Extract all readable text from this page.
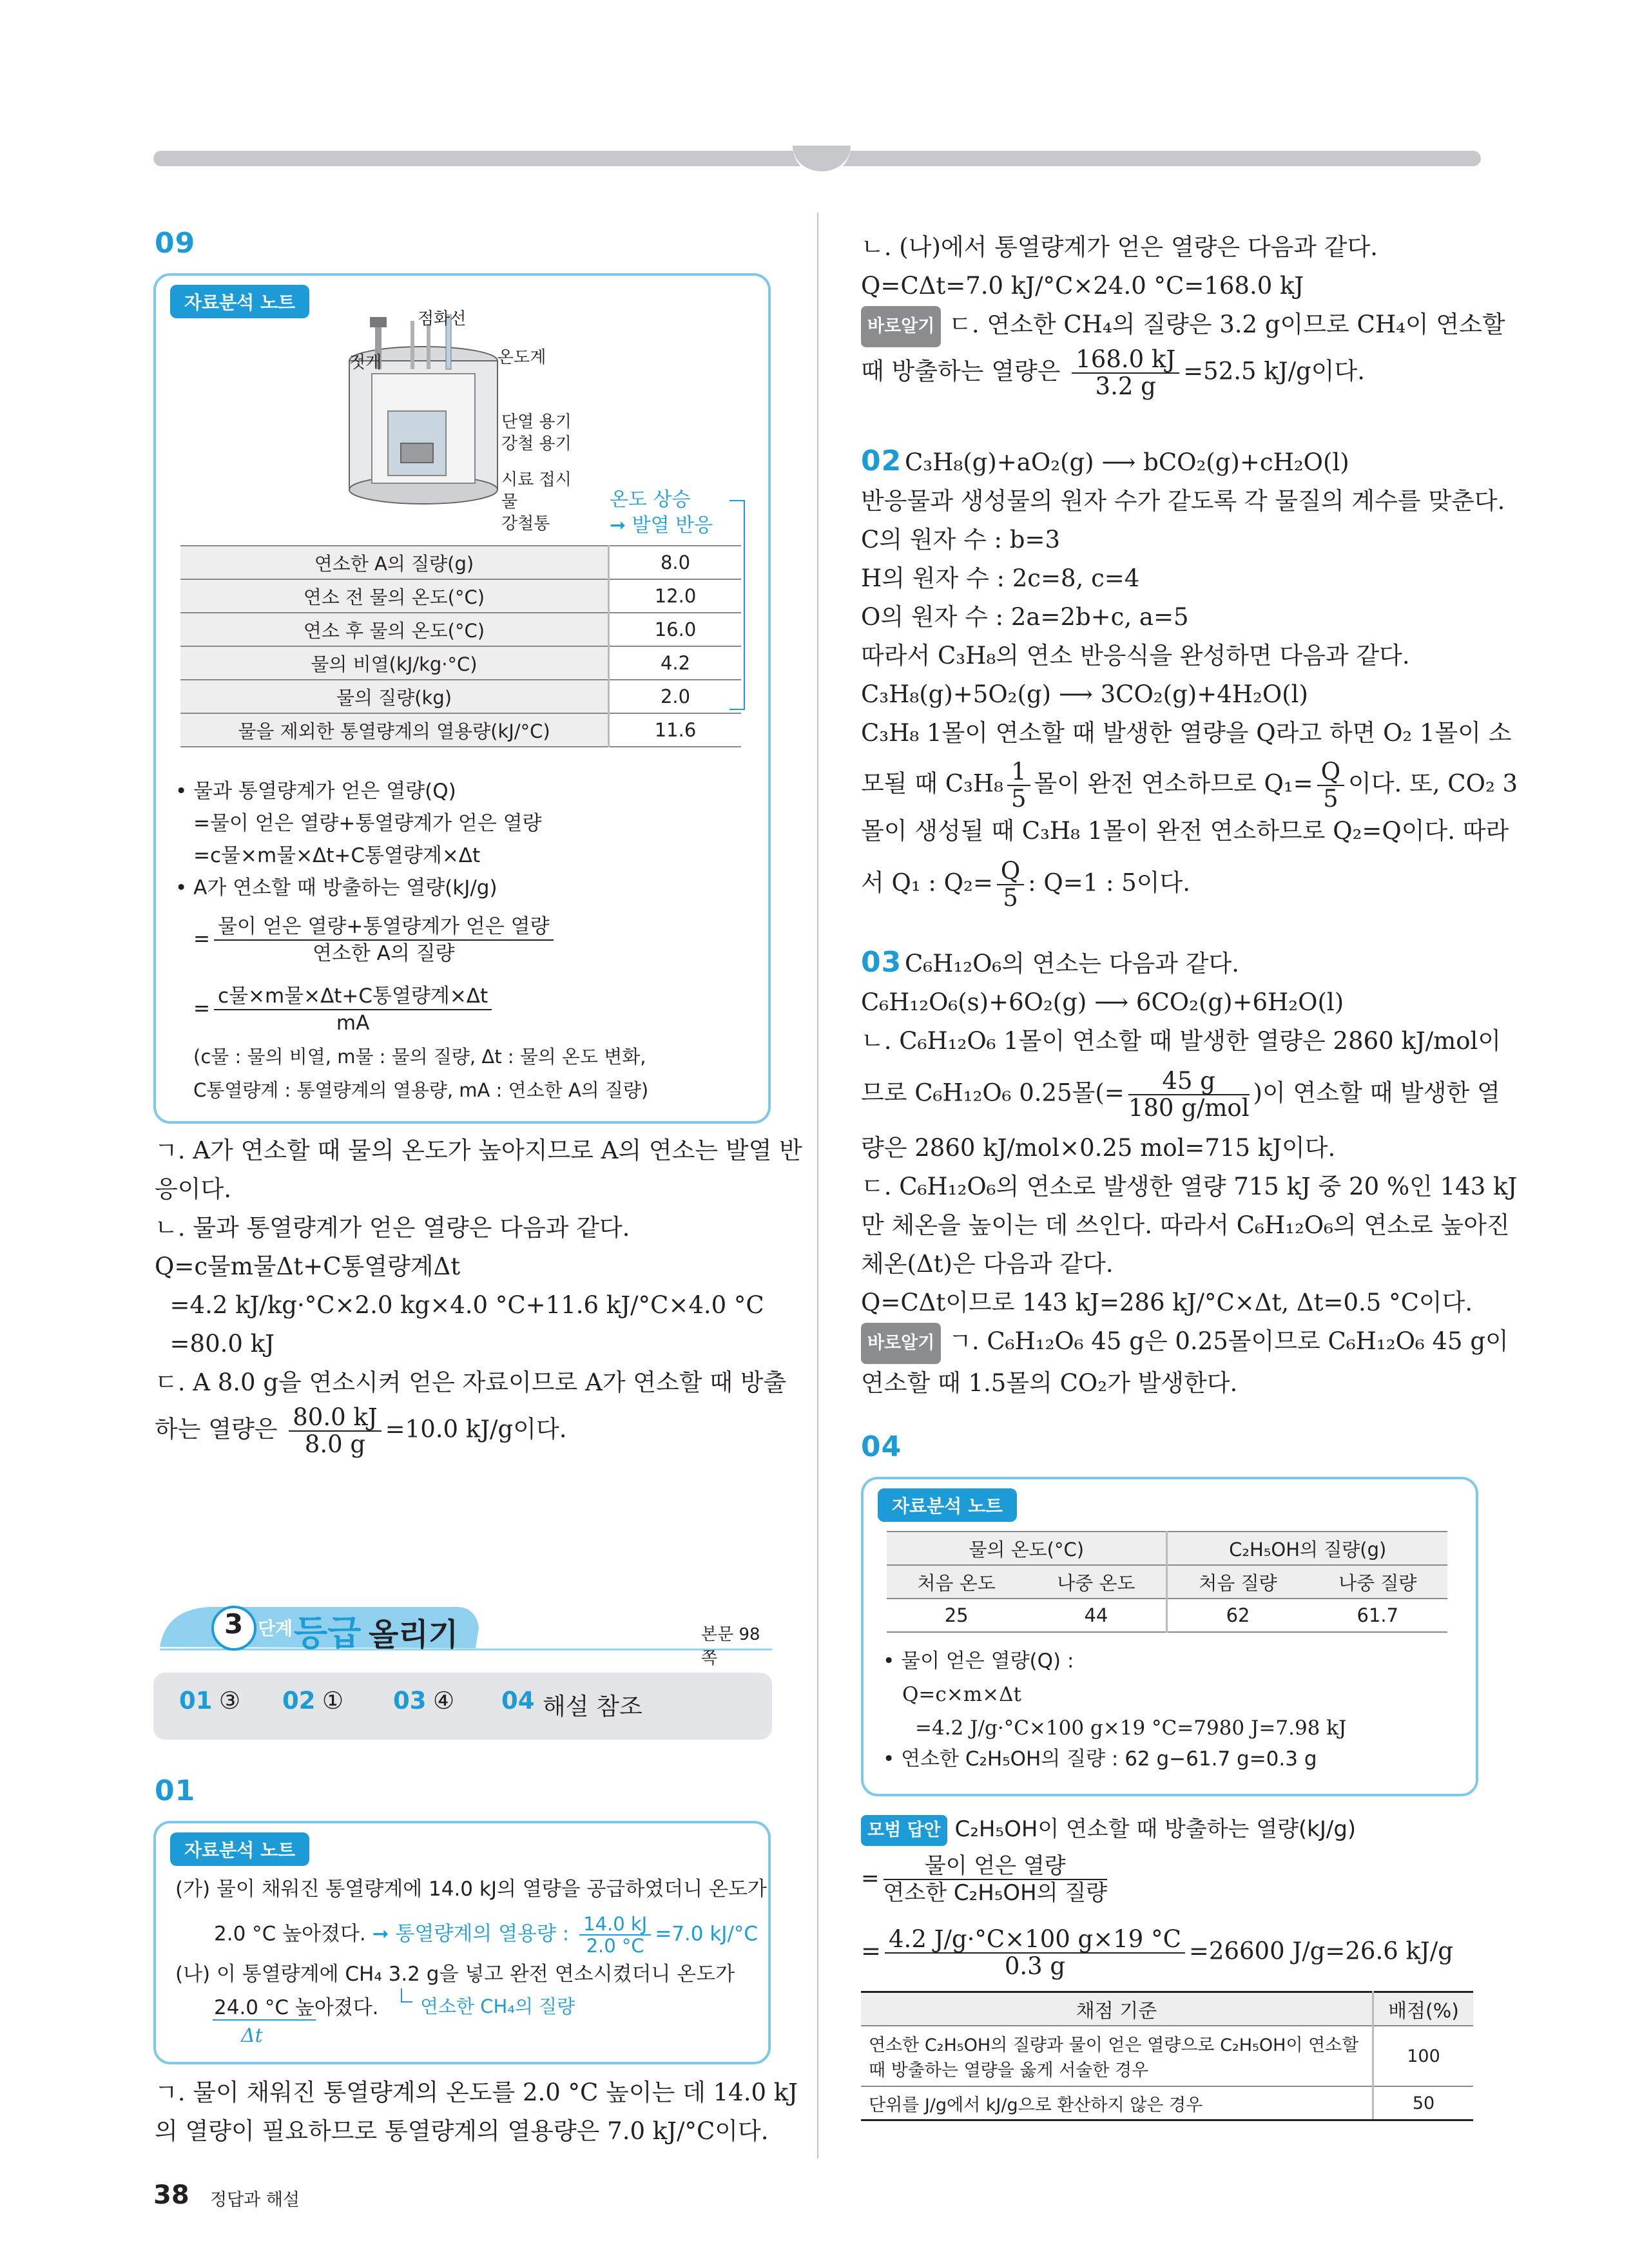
09
자료분석 노트
점화선
젓개	온도계
단열 용기
강철 용기
시료 접시
물
강철통
온도 상승
➞ 발열 반응
연소한 A의 질량(g)	8.0
연소 전 물의 온도(°C)	12.0
연소 후 물의 온도(°C)	16.0
물의 비열(kJ/kg·°C)	4.2
물의 질량(kg)	2.0
물을 제외한 통열량계의 열용량(kJ/°C)	11.6
• 물과 통열량계가 얻은 열량(Q)
=물이 얻은 열량+통열량계가 얻은 열량
=c물×m물×Δt+C통열량계×Δt
• A가 연소할 때 방출하는 열량(kJ/g)
= $\frac{\text{물이 얻은 열량+통열량계가 얻은 열량}}{\text{연소한 A의 질량}}$
= $\frac{\text{c물×m물×Δt+C통열량계×Δt}}{mA}$
(c물 : 물의 비열, m물 : 물의 질량, Δt : 물의 온도 변화,
C통열량계 : 통열량계의 열용량, mA : 연소한 A의 질량)
ㄱ. A가 연소할 때 물의 온도가 높아지므로 A의 연소는 발열 반
응이다.
ㄴ. 물과 통열량계가 얻은 열량은 다음과 같다.
Q=c물m물Δt+C통열량계Δt
=4.2 kJ/kg·°C×2.0 kg×4.0 °C+11.6 kJ/°C×4.0 °C
=80.0 kJ
ㄷ. A 8.0 g을 연소시켜 얻은 자료이므로 A가 연소할 때 방출
하는 열량은 $\frac{80.0 kJ}{8.0 g} =10.0$ kJ/g이다.
3 단계 등급 올리기	본문 98쪽
01 ③ 02 ① 03 ④ 04 해설 참조
01
자료분석 노트
(가) 물이 채워진 통열량계에 14.0 kJ의 열량을 공급하였더니 온도가
2.0 °C 높아졌다. ➞ 통열량계의 열용량 : $\frac{14.0 kJ}{2.0 ^\circ C} =7.0$ kJ/°C
(나) 이 통열량계에 CH₄ 3.2 g을 넣고 완전 연소시켰더니 온도가
24.0 °C 높아졌다. 연소한 CH₄의 질량
Δt
ㄱ. 물이 채워진 통열량계의 온도를 2.0 °C 높이는 데 14.0 kJ
의 열량이 필요하므로 통열량계의 열용량은 7.0 kJ/°C이다.
38 정답과 해설
ㄴ. (나)에서 통열량계가 얻은 열량은 다음과 같다.
Q=CΔt=7.0 kJ/°C×24.0 °C=168.0 kJ
바로알기 ㄷ. 연소한 CH₄의 질량은 3.2 g이므로 CH₄이 연소할
때 방출하는 열량은 $\frac{168.0 kJ}{3.2 g} =52.5$ kJ/g이다.
02 C₃H₈(g)+aO₂(g) ⟶ bCO₂(g)+cH₂O(l)
반응물과 생성물의 원자 수가 같도록 각 물질의 계수를 맞춘다.
C의 원자 수 : b=3
H의 원자 수 : 2c=8, c=4
O의 원자 수 : 2a=2b+c, a=5
따라서 C₃H₈의 연소 반응식을 완성하면 다음과 같다.
C₃H₈(g)+5O₂(g) ⟶ 3CO₂(g)+4H₂O(l)
C₃H₈ 1몰이 연소할 때 발생한 열량을 Q라고 하면 O₂ 1몰이 소
모될 때 $C_3H_8 \frac{1}{5}$ 몰이 완전 연소하므로 $Q_1= \frac{Q}{5}$ 이다. 또, CO₂ 3
몰이 생성될 때 C₃H₈ 1몰이 완전 연소하므로 Q₂=Q이다. 따라
서 Q₁ : $Q_2= \frac{Q}{5}$ : Q=1 : 5이다.
03 C₆H₁₂O₆의 연소는 다음과 같다.
C₆H₁₂O₆(s)+6O₂(g) ⟶ 6CO₂(g)+6H₂O(l)
ㄴ. C₆H₁₂O₆ 1몰이 연소할 때 발생한 열량은 2860 kJ/mol이
므로 C₆H₁₂O₆ 0.25몰(= $\frac{45 g}{\text{180 g/mol}}$ )이 연소할 때 발생한 열
량은 2860 kJ/mol×0.25 mol=715 kJ이다.
ㄷ. C₆H₁₂O₆의 연소로 발생한 열량 715 kJ 중 20 %인 143 kJ
만 체온을 높이는 데 쓰인다. 따라서 C₆H₁₂O₆의 연소로 높아진
체온(Δt)은 다음과 같다.
Q=CΔt이므로 143 kJ=286 kJ/°C×Δt, Δt=0.5 °C이다.
바로알기 ㄱ. C₆H₁₂O₆ 45 g은 0.25몰이므로 C₆H₁₂O₆ 45 g이
연소할 때 1.5몰의 CO₂가 발생한다.
04
자료분석 노트
물의 온도(°C)		C₂H₅OH의 질량(g)	
처음 온도	나중 온도	처음 질량	나중 질량
25	44	62	61.7
• 물이 얻은 열량(Q) :
Q=c×m×Δt
=4.2 J/g·°C×100 g×19 °C=7980 J=7.98 kJ
• 연소한 C₂H₅OH의 질량 : 62 g−61.7 g=0.3 g
모범 답안 C₂H₅OH이 연소할 때 방출하는 열량(kJ/g)
= $\frac{\text{물이 얻은 열량}}{\text{연소한 C₂H₅OH의 질량}}$
= $\frac{4.2 J/g\cdot^\circ C\times 100 g\times 19 ^\circ C}{0.3 g} =26600$ J/g=26.6 kJ/g
채점 기준	배점(%)

연소한 C₂H₅OH의 질량과 물이 얻은 열량으로 C₂H₅OH이 연소할
때 방출하는 열량을 옳게 서술한 경우	100
단위를 J/g에서 kJ/g으로 환산하지 않은 경우	50
